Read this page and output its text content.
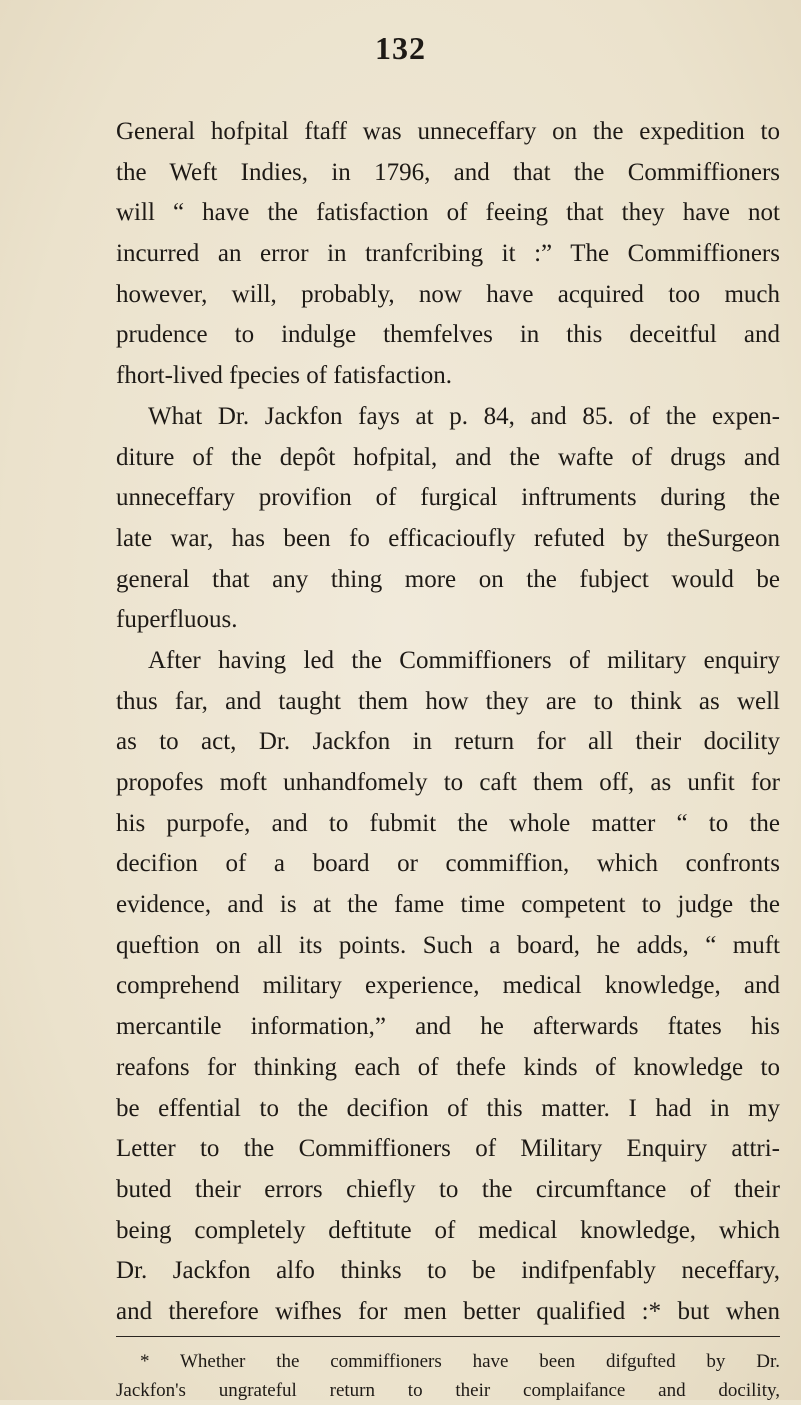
132
General hofpital ftaff was unneceffary on the expedition to
the Weft Indies, in 1796, and that the Commiffioners
will “ have the fatisfaction of feeing that they have not
incurred an error in tranfcribing it :” The Commiffioners
however, will, probably, now have acquired too much
prudence to indulge themfelves in this deceitful and
fhort-lived fpecies of fatisfaction.
What Dr. Jackfon fays at p. 84, and 85. of the expen-
diture of the depôt hofpital, and the wafte of drugs and
unneceffary provifion of furgical inftruments during the
late war, has been fo efficacioufly refuted by theSurgeon
general that any thing more on the fubject would be
fuperfluous.
After having led the Commiffioners of military enquiry
thus far, and taught them how they are to think as well
as to act, Dr. Jackfon in return for all their docility
propofes moft unhandfomely to caft them off, as unfit for
his purpofe, and to fubmit the whole matter “ to the
decifion of a board or commiffion, which confronts
evidence, and is at the fame time competent to judge the
queftion on all its points. Such a board, he adds, “ muft
comprehend military experience, medical knowledge, and
mercantile information,” and he afterwards ftates his
reafons for thinking each of thefe kinds of knowledge to
be effential to the decifion of this matter. I had in my
Letter to the Commiffioners of Military Enquiry attri-
buted their errors chiefly to the circumftance of their
being completely deftitute of medical knowledge, which
Dr. Jackfon alfo thinks to be indifpenfably neceffary,
and therefore wifhes for men better qualified :* but when
* Whether the commiffioners have been difgufted by Dr.
Jackfon's ungrateful return to their complaifance and docility,
